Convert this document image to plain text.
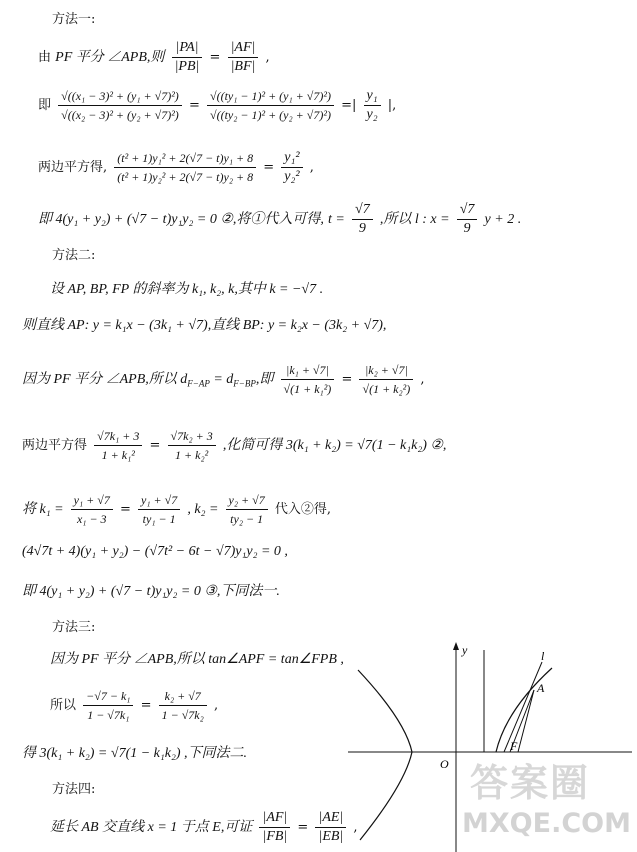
方法一:
由 PF 平分 ∠APB,则 $\frac{|PA|}{|PB|} = \frac{|AF|}{|BF|}$ ,
即 $\frac{\text{√((x₁ − 3)² + (y₁ + √7)²)}}{\text{√((x₂ − 3)² + (y₂ + √7)²)}} = \frac{\text{√((ty₁ − 1)² + (y₁ + √7)²)}}{\text{√((ty₂ − 1)² + (y₂ + √7)²)}}$ =| $\frac{\text{y₁}}{\text{y₂}}$ |,
两边平方得, $\frac{\text{(t² + 1)y₁² + 2(√7 − t)y₁ + 8}}{\text{(t² + 1)y₂² + 2(√7 − t)y₂ + 8}} = \frac{\text{y₁²}}{\text{y₂²}}$ ,
即 4(y₁ + y₂) + (√7 − t)y₁y₂ = 0 ②,将①代入可得, $t = \frac{√7}{9}$ ,所以 l : $x = \frac{√7}{9}$ y + 2 .
方法二:
设 AP, BP, FP 的斜率为 k₁, k₂, k,其中 k = −√7 .
则直线 AP: y = k₁x − (3k₁ + √7),直线 BP: y = k₂x − (3k₂ + √7),
因为 PF 平分 ∠APB,所以 $d_{F-AP} = d_{F-BP}$,即 $\frac{\text{|k₁ + √7|}}{\text{√(1 + k₁²)}} = \frac{\text{|k₂ + √7|}}{\text{√(1 + k₂²)}}$ ,
两边平方得 $\frac{\text{√7k₁ + 3}}{\text{1 + k₁²}} = \frac{\text{√7k₂ + 3}}{\text{1 + k₂²}}$ ,化简可得 3(k₁ + k₂) = √7(1 − k₁k₂) ②,
将 $k_1 = \frac{\text{y₁ + √7}}{\text{x₁ − 3}} = \frac{\text{y₁ + √7}}{\text{ty₁ − 1}}$ , $k_2 = \frac{\text{y₂ + √7}}{\text{ty₂ − 1}}$ 代入②得,
(4√7t + 4)(y₁ + y₂) − (√7t² − 6t − √7)y₁y₂ = 0 ,
即 4(y₁ + y₂) + (√7 − t)y₁y₂ = 0 ③,下同法一.
方法三:
因为 PF 平分 ∠APB,所以 tan∠APF = tan∠FPB ,
所以 $\frac{\text{−√7 − k₁}}{\text{1 − √7k₁}} = \frac{\text{k₂ + √7}}{\text{1 − √7k₂}}$ ,
得 3(k₁ + k₂) = √7(1 − k₁k₂) ,下同法二.
方法四:
延长 AB 交直线 x = 1 于点 E,可证 $\frac{|AF|}{|FB|} = \frac{|AE|}{|EB|}$ ,
l
y
A
F
O 答案圈
MXQE.COM
